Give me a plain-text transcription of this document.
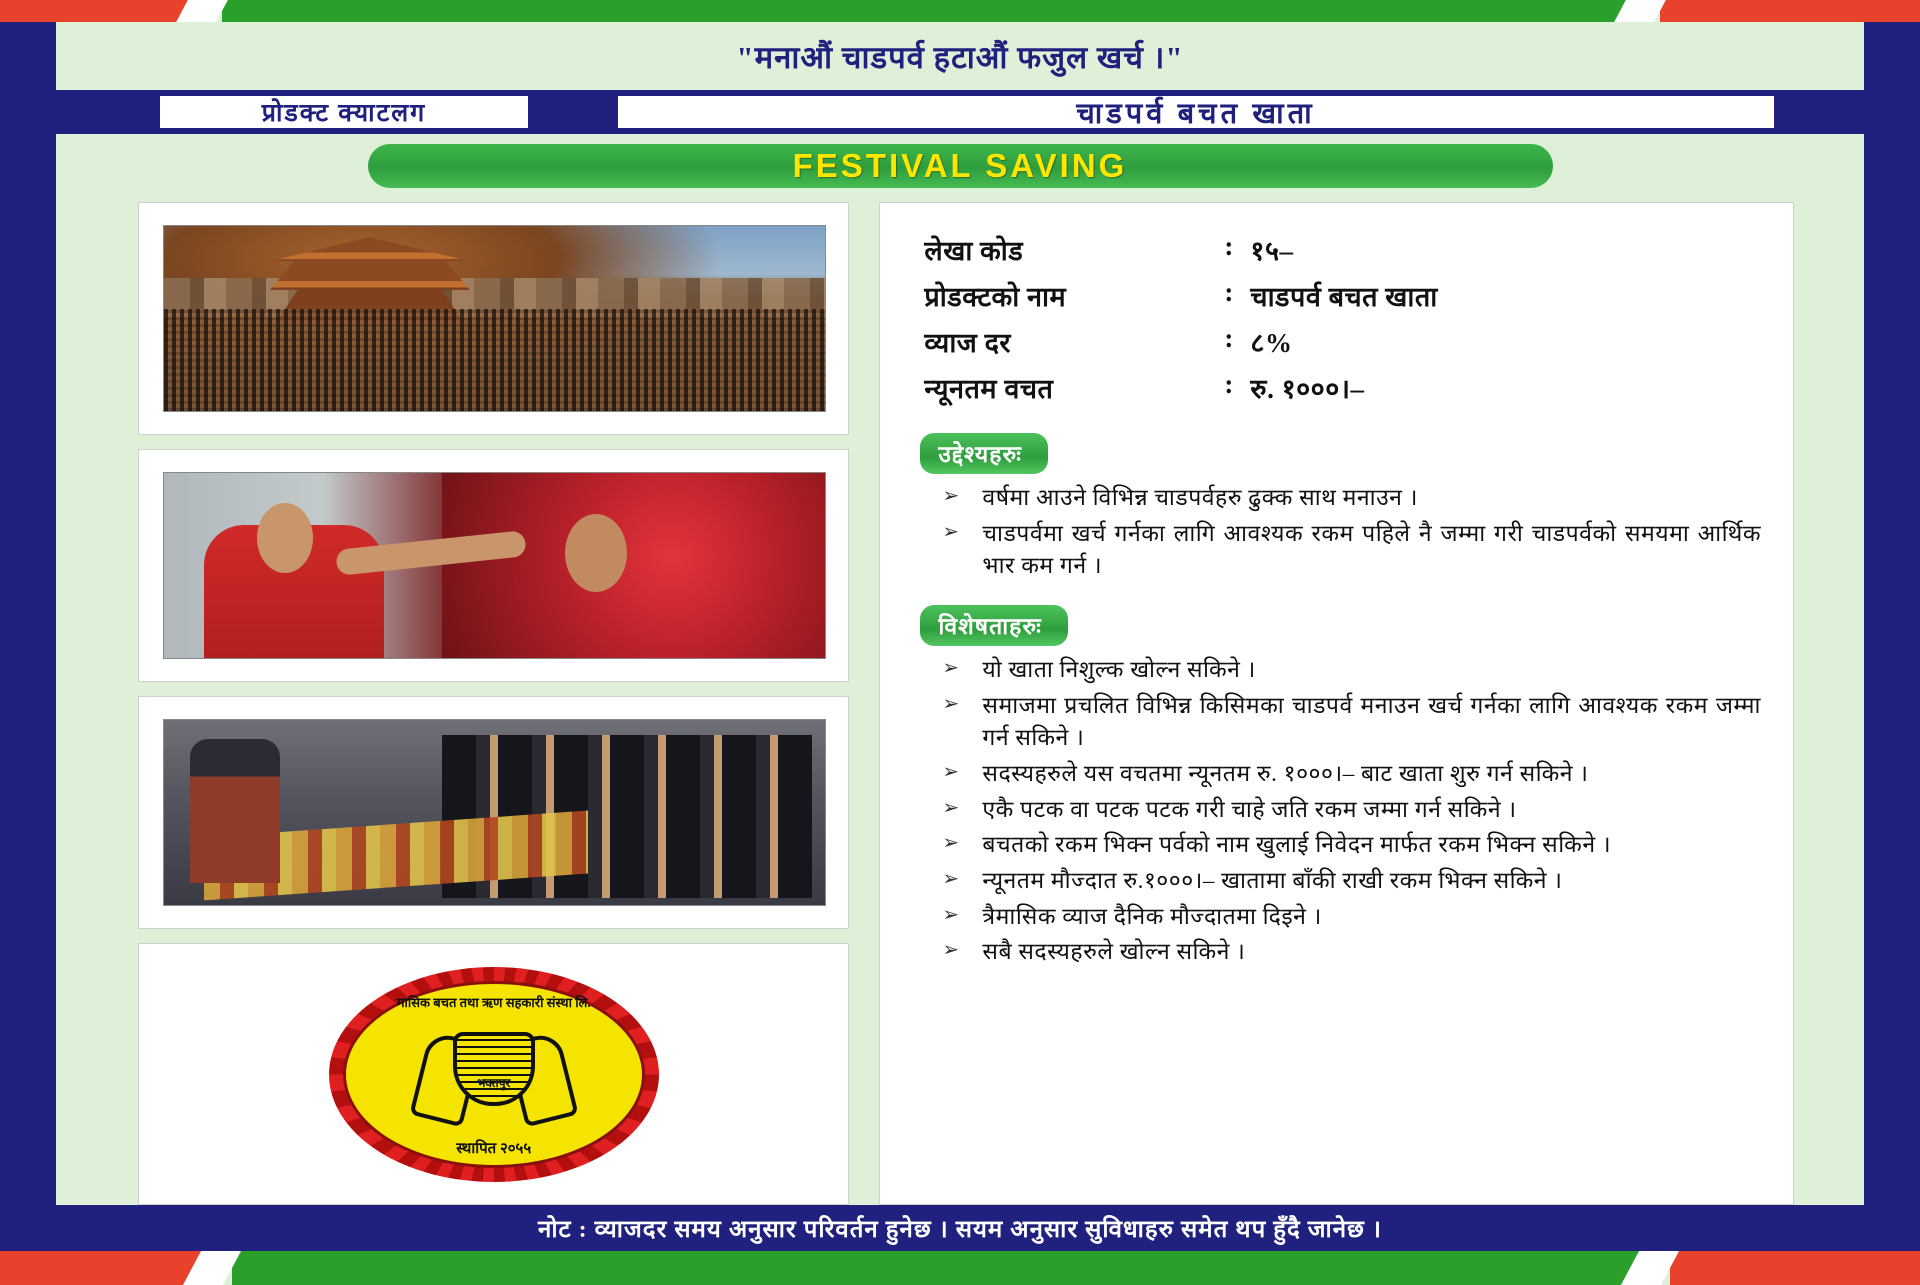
"मनाऔं चाडपर्व हटाऔं फजुल खर्च ।"
प्रोडक्ट क्याटलग	चाडपर्व बचत खाता
FESTIVAL SAVING
मासिक बचत तथा ऋण सहकारी संस्था लि.
भक्तपुर
स्थापित २०५५
लेखा कोड	: १५–
प्रोडक्टको नाम	: चाडपर्व बचत खाता
व्याज दर	: ८%
न्यूनतम वचत	: रु. १०००।–
उद्देश्यहरुः
➢ वर्षमा आउने विभिन्न चाडपर्वहरु ढुक्क साथ मनाउन ।
➢ चाडपर्वमा खर्च गर्नका लागि आवश्यक रकम पहिले नै जम्मा गरी चाडपर्वको समयमा आर्थिक भार कम गर्न ।
विशेषताहरुः
➢ यो खाता निशुल्क खोल्न सकिने ।
➢ समाजमा प्रचलित विभिन्न किसिमका चाडपर्व मनाउन खर्च गर्नका लागि आवश्यक रकम जम्मा गर्न सकिने ।
➢ सदस्यहरुले यस वचतमा न्यूनतम रु. १०००।– बाट खाता शुरु गर्न सकिने ।
➢ एकै पटक वा पटक पटक गरी चाहे जति रकम जम्मा गर्न सकिने ।
➢ बचतको रकम भिक्न पर्वको नाम खुलाई निवेदन मार्फत रकम भिक्न सकिने ।
➢ न्यूनतम मौज्दात रु.१०००।– खातामा बाँकी राखी रकम भिक्न सकिने ।
➢ त्रैमासिक व्याज दैनिक मौज्दातमा दिइने ।
➢ सबै सदस्यहरुले खोल्न सकिने ।
नोट : व्याजदर समय अनुसार परिवर्तन हुनेछ । सयम अनुसार सुविधाहरु समेत थप हुँदै जानेछ ।
